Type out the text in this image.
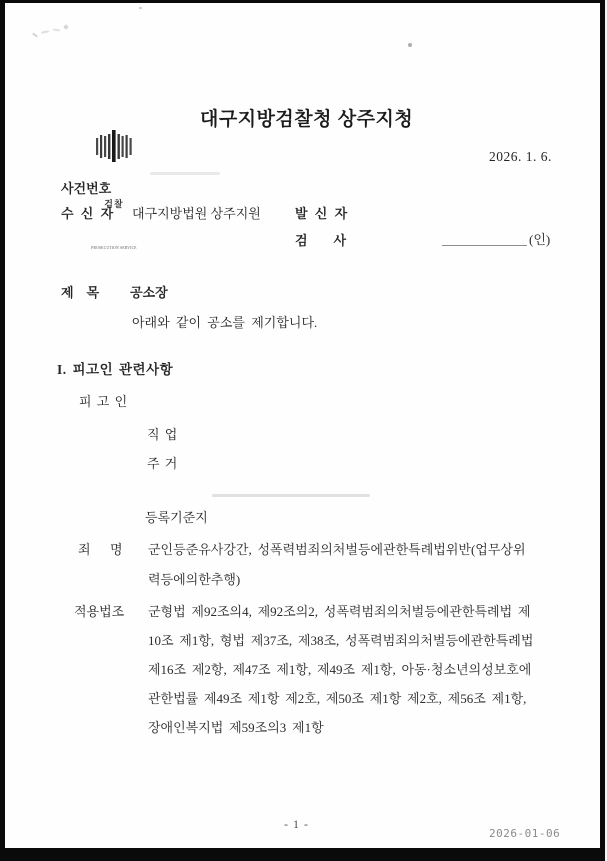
검찰

PROSECUTION SERVICE

대구지방검찰청 상주지청
2026. 1. 6.
사건번호
수 신 자 대구지방법원 상주지원	발 신 자
검        사	(인)
제    목 공소장
아래와 같이 공소를 제기합니다.
I. 피고인 관련사항
피 고 인
직 업
주 거
등록기준지
죄      명 군인등준유사강간, 성폭력범죄의처벌등에관한특례법위반(업무상위
력등에의한추행)
적용법조 군형법 제92조의4, 제92조의2, 성폭력범죄의처벌등에관한특례법 제
10조 제1항, 형법 제37조, 제38조, 성폭력범죄의처벌등에관한특례법
제16조 제2항, 제47조 제1항, 제49조 제1항, 아동·청소년의성보호에
관한법률 제49조 제1항 제2호, 제50조 제1항 제2호, 제56조 제1항,
장애인복지법 제59조의3 제1항
- 1 -
2026-01-06
